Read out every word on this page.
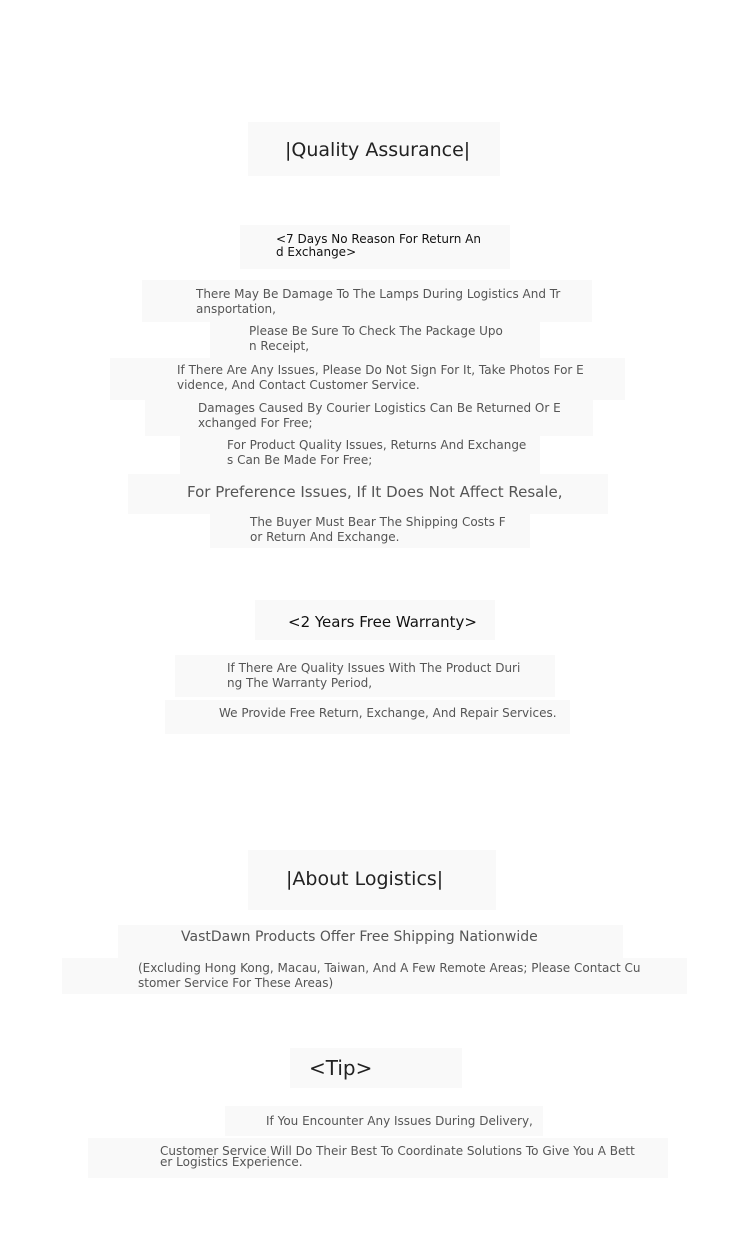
|Quality Assurance|
<7 Days No Reason For Return An
d Exchange>
There May Be Damage To The Lamps During Logistics And Tr
ansportation,
Please Be Sure To Check The Package Upo
n Receipt,
If There Are Any Issues, Please Do Not Sign For It, Take Photos For E
vidence, And Contact Customer Service.
Damages Caused By Courier Logistics Can Be Returned Or E
xchanged For Free;
For Product Quality Issues, Returns And Exchange
s Can Be Made For Free;
For Preference Issues, If It Does Not Affect Resale,
The Buyer Must Bear The Shipping Costs F
or Return And Exchange.
<2 Years Free Warranty>
If There Are Quality Issues With The Product Duri
ng The Warranty Period,
We Provide Free Return, Exchange, And Repair Services.
|About Logistics|
VastDawn Products Offer Free Shipping Nationwide
(Excluding Hong Kong, Macau, Taiwan, And A Few Remote Areas; Please Contact Cu
stomer Service For These Areas)
<Tip>
If You Encounter Any Issues During Delivery,
Customer Service Will Do Their Best To Coordinate Solutions To Give You A Bett
er Logistics Experience.
